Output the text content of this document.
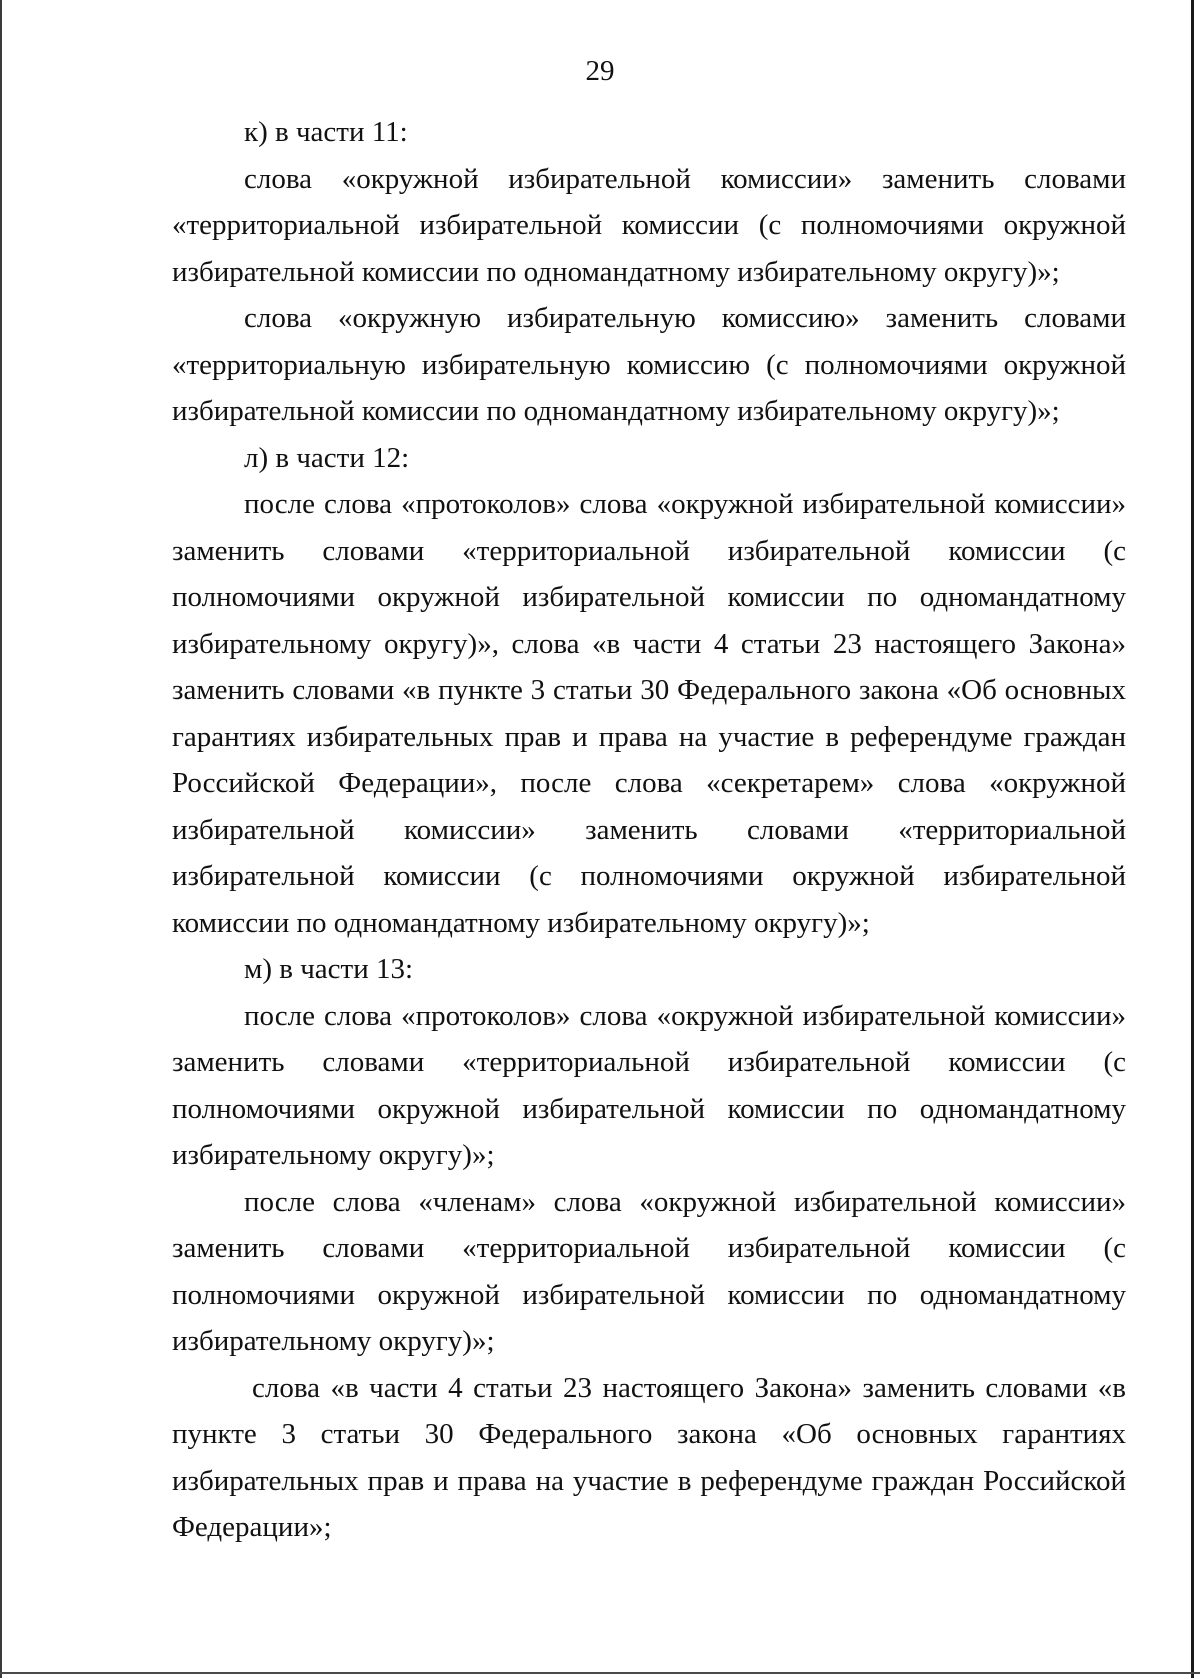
29

к) в части 11:

слова «окружной избирательной комиссии» заменить словами «территориальной избирательной комиссии (с полномочиями окружной избирательной комиссии по одномандатному избирательному округу)»;

слова «окружную избирательную комиссию» заменить словами «территориальную избирательную комиссию (с полномочиями окружной избирательной комиссии по одномандатному избирательному округу)»;

л) в части 12:

после слова «протоколов» слова «окружной избирательной комиссии» заменить словами «территориальной избирательной комиссии (с полномочиями окружной избирательной комиссии по одномандатному избирательному округу)», слова «в части 4 статьи 23 настоящего Закона» заменить словами «в пункте 3 статьи 30 Федерального закона «Об основных гарантиях избирательных прав и права на участие в референдуме граждан Российской Федерации», после слова «секретарем» слова «окружной избирательной комиссии» заменить словами «территориальной избирательной комиссии (с полномочиями окружной избирательной комиссии по одномандатному избирательному округу)»;

м) в части 13:

после слова «протоколов» слова «окружной избирательной комиссии» заменить словами «территориальной избирательной комиссии (с полномочиями окружной избирательной комиссии по одномандатному избирательному округу)»;

после слова «членам» слова «окружной избирательной комиссии» заменить словами «территориальной избирательной комиссии (с полномочиями окружной избирательной комиссии по одномандатному избирательному округу)»;

слова «в части 4 статьи 23 настоящего Закона» заменить словами «в пункте 3 статьи 30 Федерального закона «Об основных гарантиях избирательных прав и права на участие в референдуме граждан Российской Федерации»;
